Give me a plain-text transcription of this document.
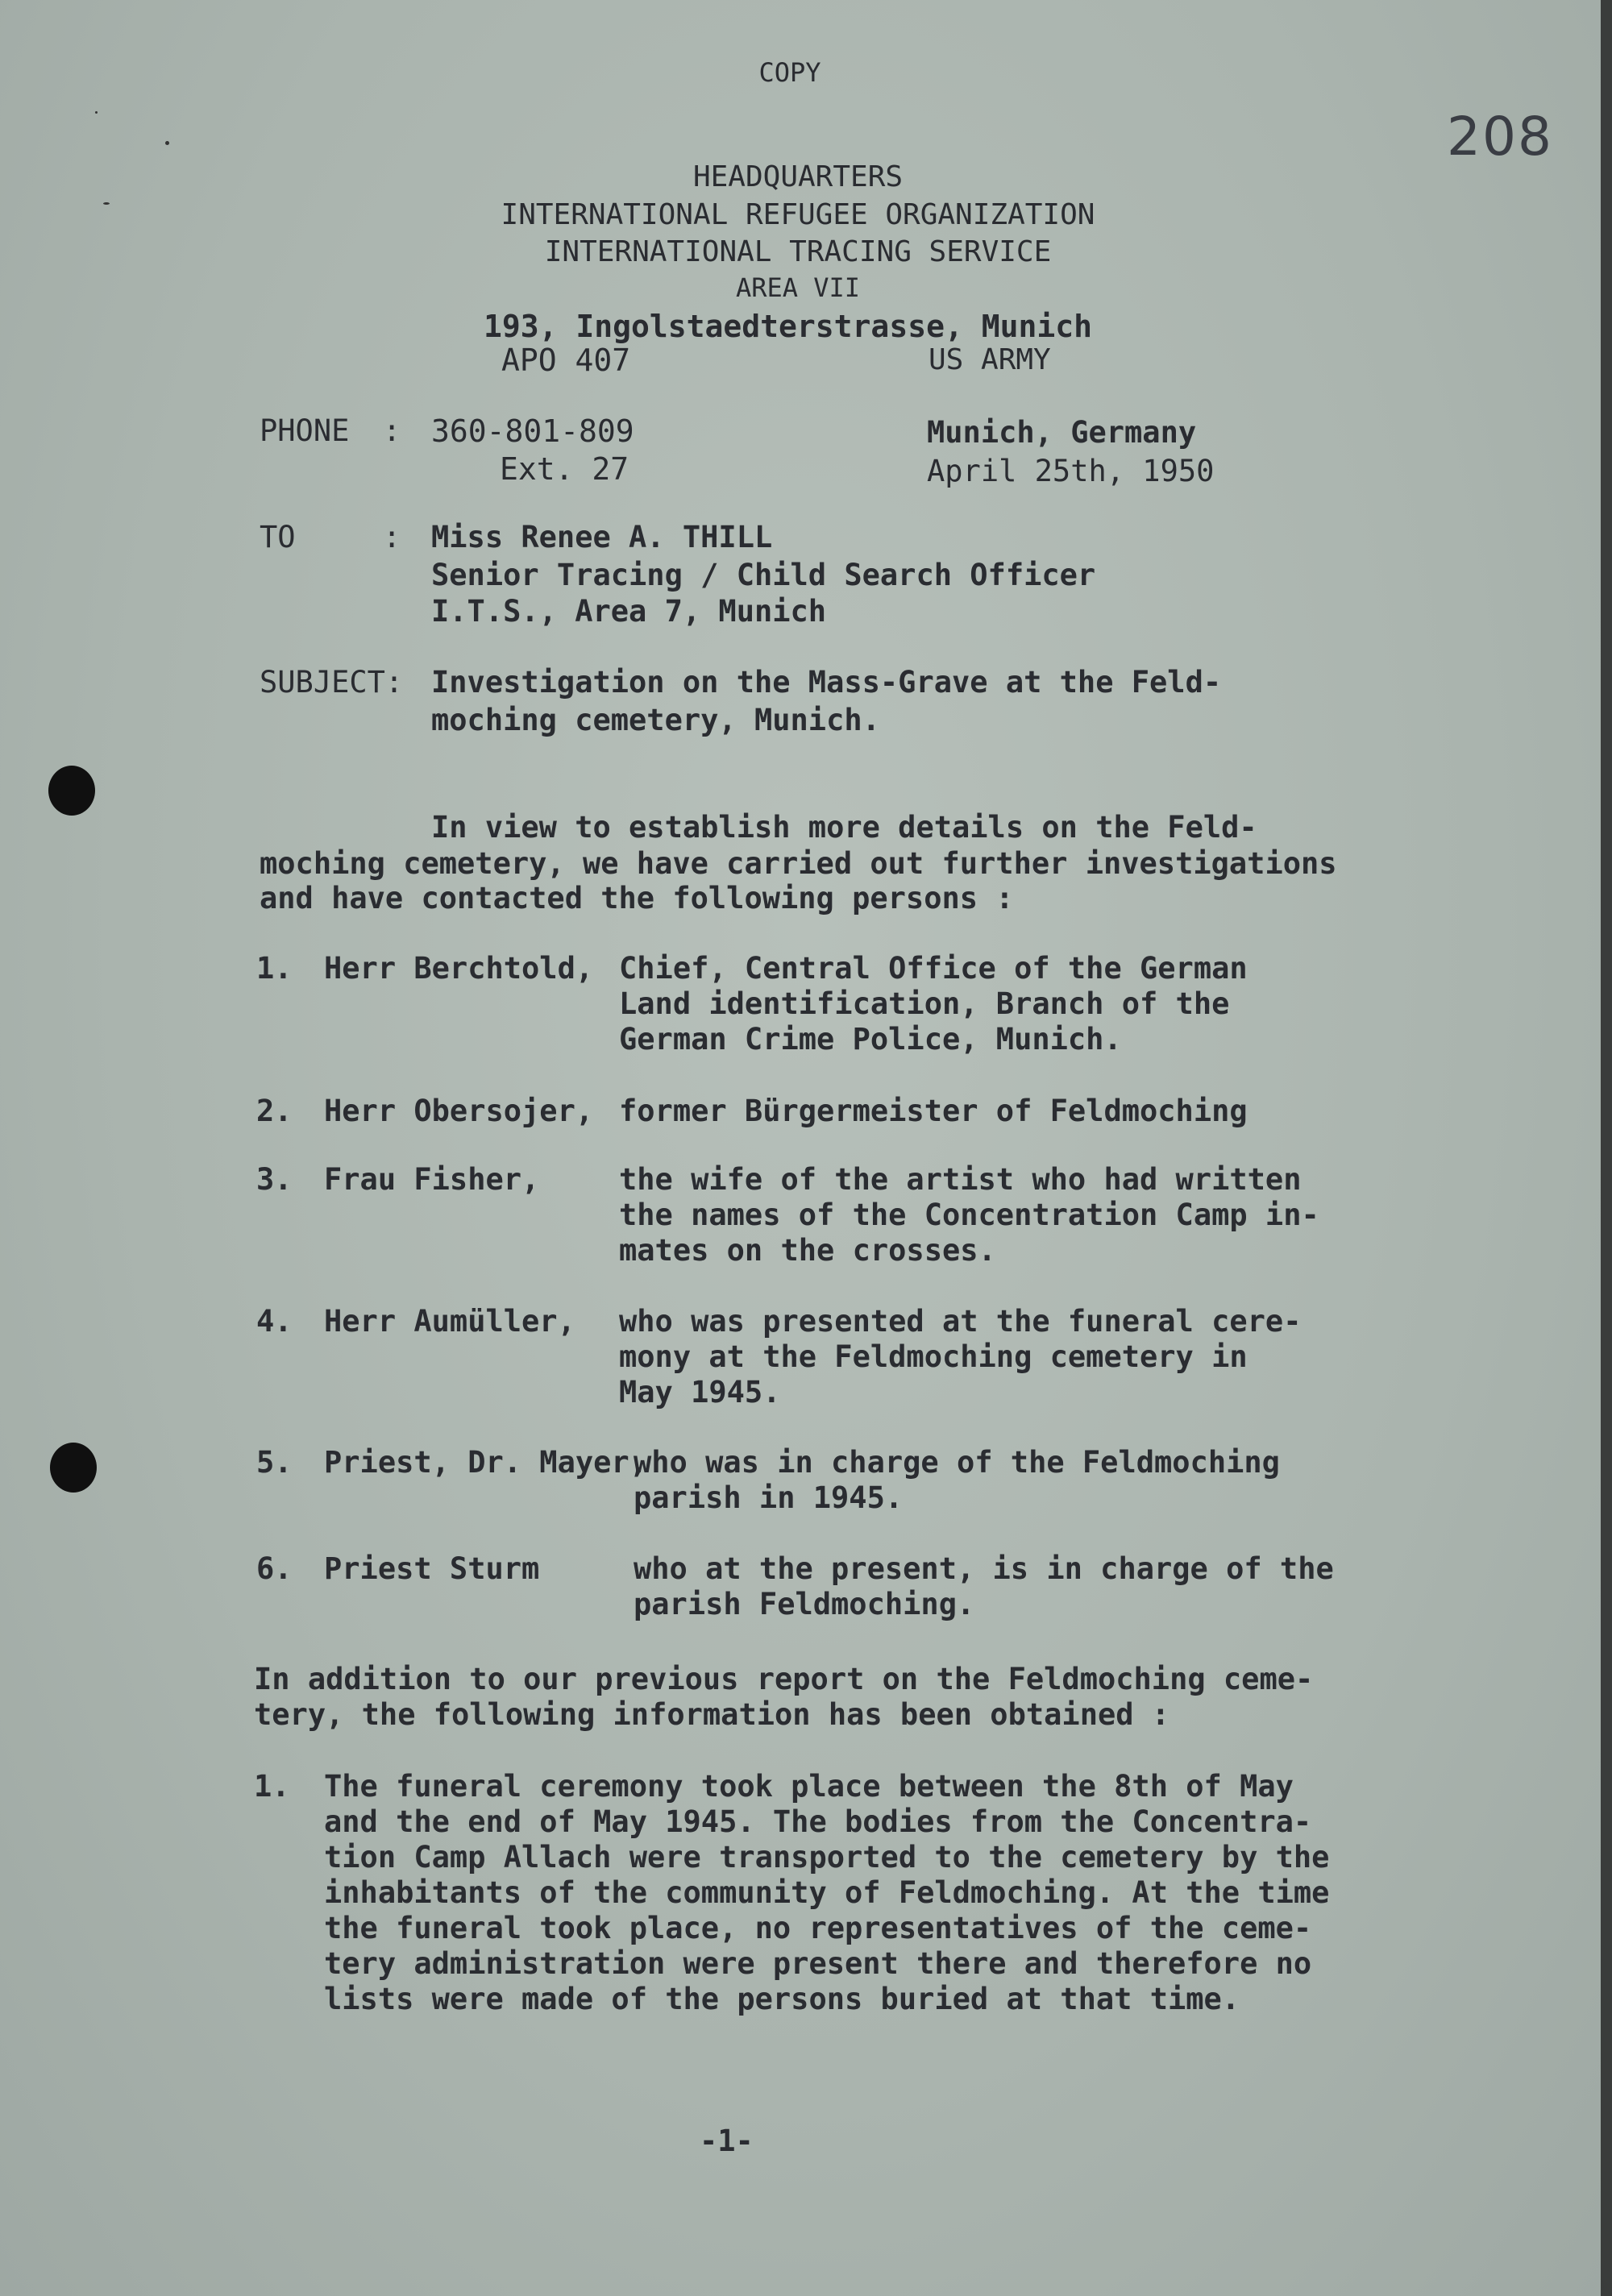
COPY
208
HEADQUARTERS
INTERNATIONAL REFUGEE ORGANIZATION
INTERNATIONAL TRACING SERVICE
AREA VII
193, Ingolstaedterstrasse, Munich
APO 407	US ARMY
PHONE : 360-801-809
Ext. 27
Munich, Germany
April 25th, 1950
TO	: Miss Renee A. THILL
Senior Tracing / Child Search Officer
I.T.S., Area 7, Munich
SUBJECT: Investigation on the Mass-Grave at the Feld-
moching cemetery, Munich.
In view to establish more details on the Feld-
moching cemetery, we have carried out further investigations
and have contacted the following persons :
1. Herr Berchtold, Chief, Central Office of the German
Land identification, Branch of the
German Crime Police, Munich.
2. Herr Obersojer, former Bürgermeister of Feldmoching
3. Frau Fisher,	the wife of the artist who had written
the names of the Concentration Camp in-
mates on the crosses.
4. Herr Aumüller, who was presented at the funeral cere-
mony at the Feldmoching cemetery in
May 1945.
5. Priest, Dr. Mayer,
who was in charge of the Feldmoching
parish in 1945.
6. Priest Sturm	who at the present, is in charge of the
parish Feldmoching.
In addition to our previous report on the Feldmoching ceme-
tery, the following information has been obtained :
1. The funeral ceremony took place between the 8th of May
and the end of May 1945. The bodies from the Concentra-
tion Camp Allach were transported to the cemetery by the
inhabitants of the community of Feldmoching. At the time
the funeral took place, no representatives of the ceme-
tery administration were present there and therefore no
lists were made of the persons buried at that time.
-1-
